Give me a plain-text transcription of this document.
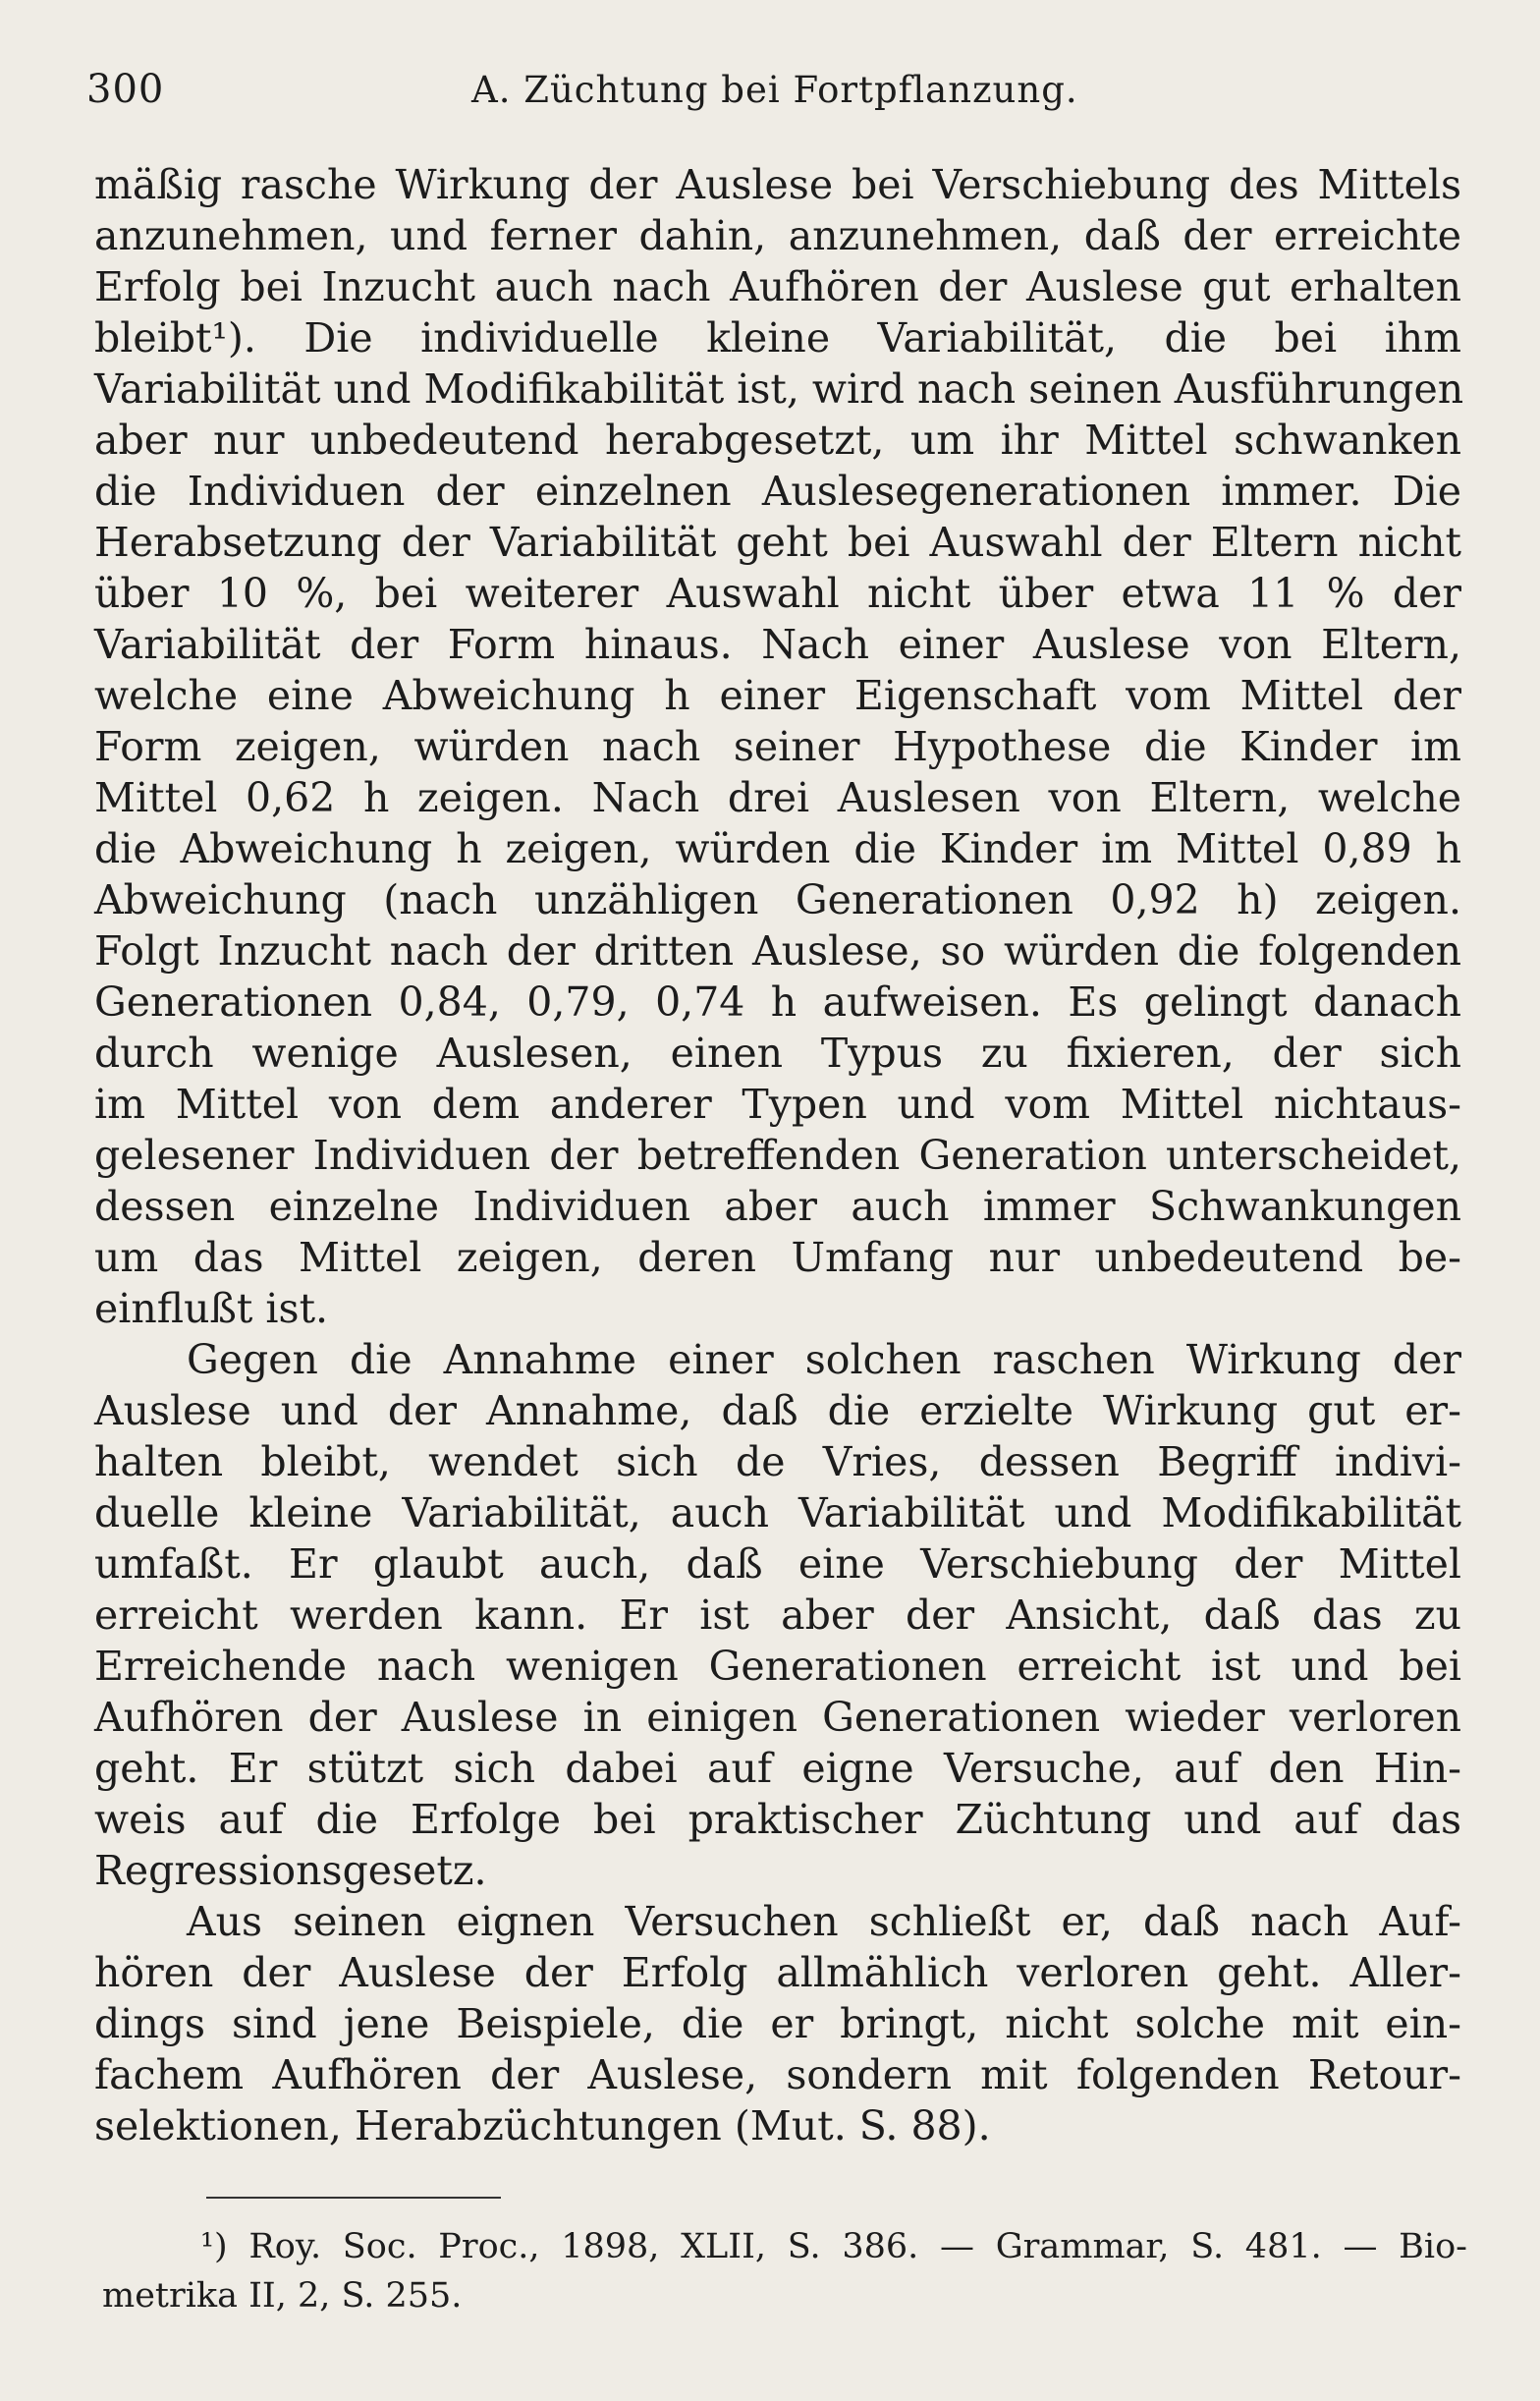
300	A. Züchtung bei Fortpflanzung.
mäßig rasche Wirkung der Auslese bei Verschiebung des Mittels
anzunehmen, und ferner dahin, anzunehmen, daß der erreichte
Erfolg bei Inzucht auch nach Aufhören der Auslese gut erhalten
bleibt¹). Die individuelle kleine Variabilität, die bei ihm
Variabilität und Modifikabilität ist, wird nach seinen Ausführungen
aber nur unbedeutend herabgesetzt, um ihr Mittel schwanken
die Individuen der einzelnen Auslesegenerationen immer. Die
Herabsetzung der Variabilität geht bei Auswahl der Eltern nicht
über 10 %, bei weiterer Auswahl nicht über etwa 11 % der
Variabilität der Form hinaus. Nach einer Auslese von Eltern,
welche eine Abweichung h einer Eigenschaft vom Mittel der
Form zeigen, würden nach seiner Hypothese die Kinder im
Mittel 0,62 h zeigen. Nach drei Auslesen von Eltern, welche
die Abweichung h zeigen, würden die Kinder im Mittel 0,89 h
Abweichung (nach unzähligen Generationen 0,92 h) zeigen.
Folgt Inzucht nach der dritten Auslese, so würden die folgenden
Generationen 0,84, 0,79, 0,74 h aufweisen. Es gelingt danach
durch wenige Auslesen, einen Typus zu fixieren, der sich
im Mittel von dem anderer Typen und vom Mittel nichtaus-
gelesener Individuen der betreffenden Generation unterscheidet,
dessen einzelne Individuen aber auch immer Schwankungen
um das Mittel zeigen, deren Umfang nur unbedeutend be-
einflußt ist.
Gegen die Annahme einer solchen raschen Wirkung der
Auslese und der Annahme, daß die erzielte Wirkung gut er-
halten bleibt, wendet sich de Vries, dessen Begriff indivi-
duelle kleine Variabilität, auch Variabilität und Modifikabilität
umfaßt. Er glaubt auch, daß eine Verschiebung der Mittel
erreicht werden kann. Er ist aber der Ansicht, daß das zu
Erreichende nach wenigen Generationen erreicht ist und bei
Aufhören der Auslese in einigen Generationen wieder verloren
geht. Er stützt sich dabei auf eigne Versuche, auf den Hin-
weis auf die Erfolge bei praktischer Züchtung und auf das
Regressionsgesetz.
Aus seinen eignen Versuchen schließt er, daß nach Auf-
hören der Auslese der Erfolg allmählich verloren geht. Aller-
dings sind jene Beispiele, die er bringt, nicht solche mit ein-
fachem Aufhören der Auslese, sondern mit folgenden Retour-
selektionen, Herabzüchtungen (Mut. S. 88).
¹) Roy. Soc. Proc., 1898, XLII, S. 386. — Grammar, S. 481. — Bio-
metrika II, 2, S. 255.
